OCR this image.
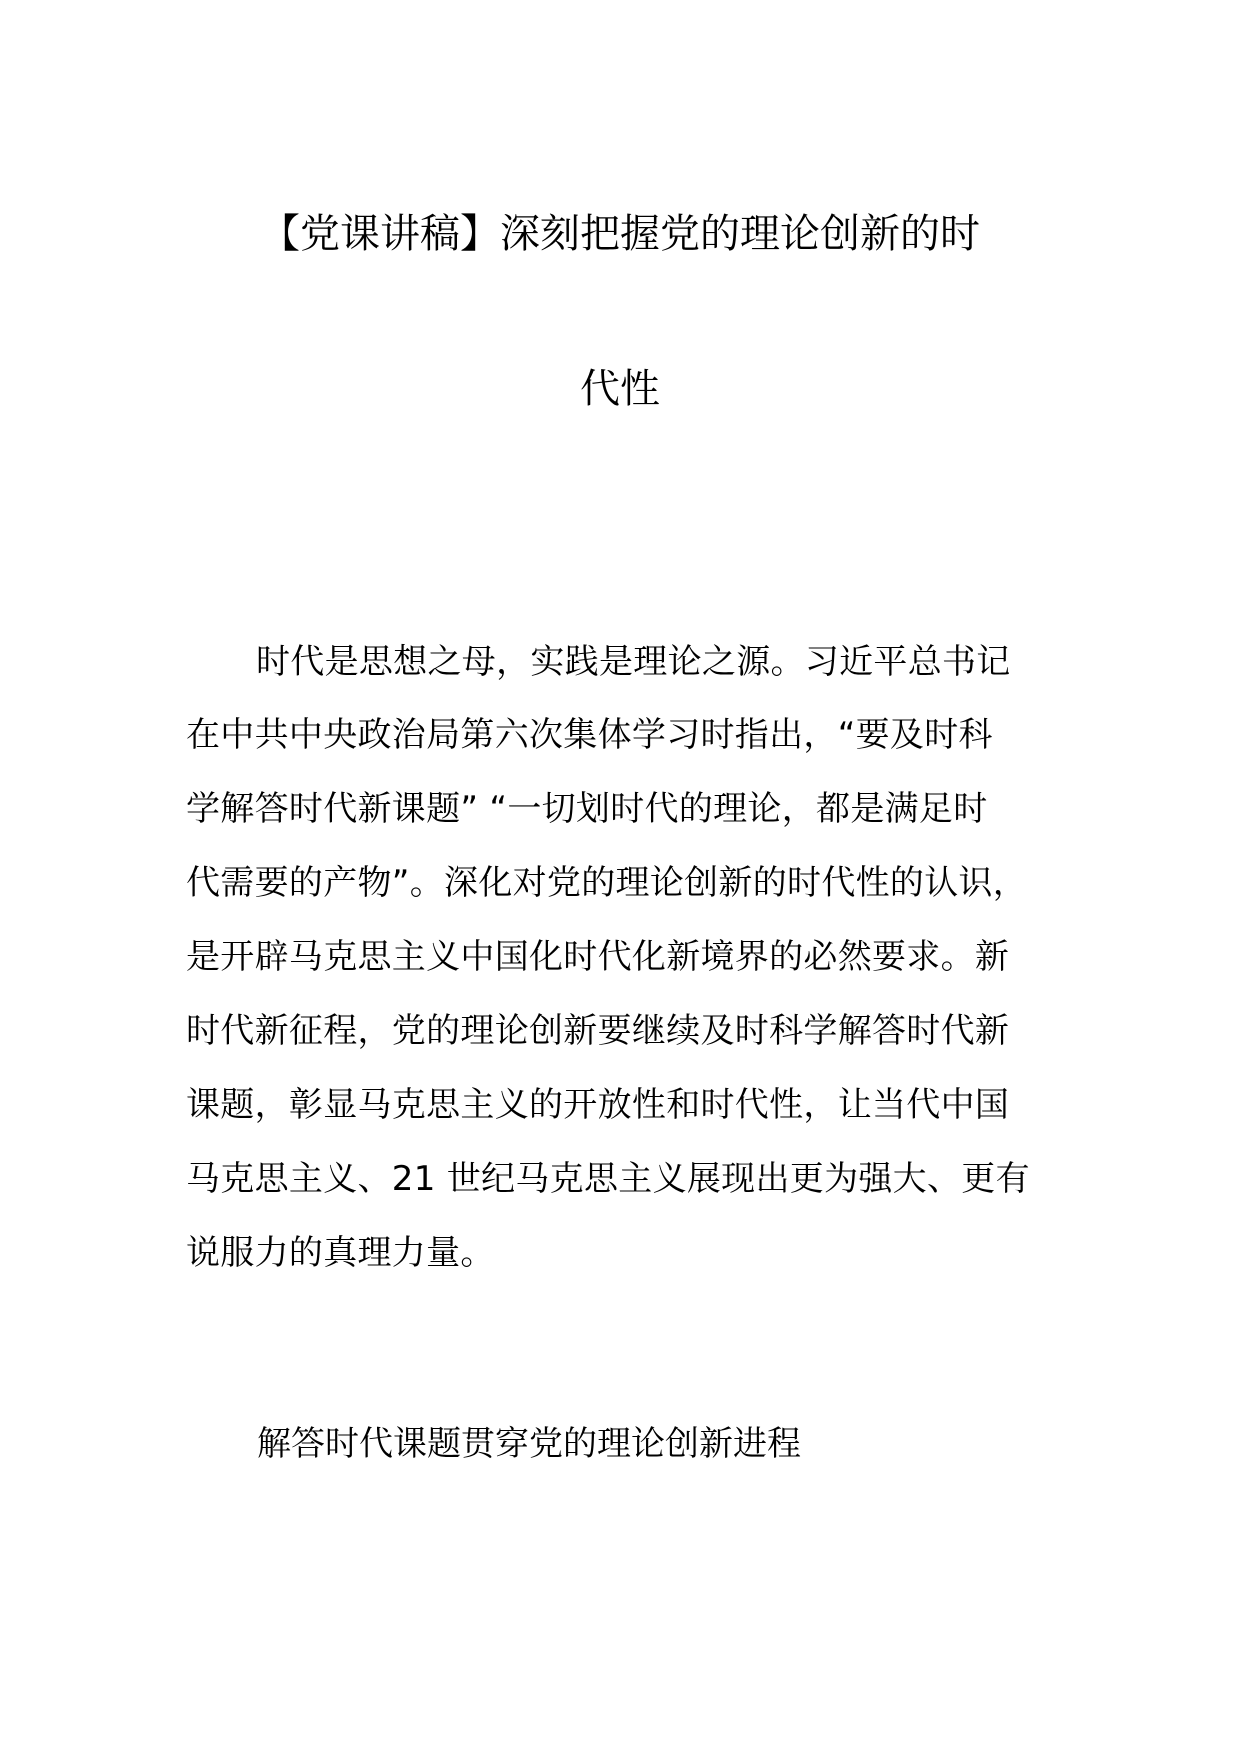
【党课讲稿】深刻把握党的理论创新的时
代性
时代是思想之母，实践是理论之源。习近平总书记
在中共中央政治局第六次集体学习时指出，“要及时科
学解答时代新课题” “一切划时代的理论，都是满足时
代需要的产物”。深化对党的理论创新的时代性的认识，
是开辟马克思主义中国化时代化新境界的必然要求。新
时代新征程，党的理论创新要继续及时科学解答时代新
课题，彰显马克思主义的开放性和时代性，让当代中国
马克思主义、21 世纪马克思主义展现出更为强大、更有
说服力的真理力量。
解答时代课题贯穿党的理论创新进程
